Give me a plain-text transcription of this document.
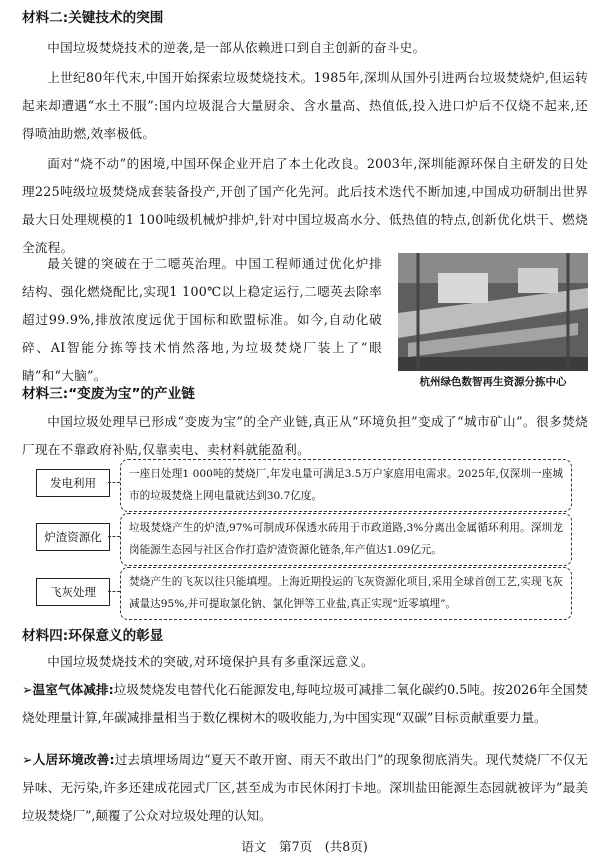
材料二:关键技术的突围
中国垃圾焚烧技术的逆袭,是一部从依赖进口到自主创新的奋斗史。
上世纪80年代末,中国开始探索垃圾焚烧技术。1985年,深圳从国外引进两台垃圾焚烧炉,但运转起来却遭遇“水土不服”:国内垃圾混合大量厨余、含水量高、热值低,投入进口炉后不仅烧不起来,还得喷油助燃,效率极低。
面对“烧不动”的困境,中国环保企业开启了本土化改良。2003年,深圳能源环保自主研发的日处理225吨级垃圾焚烧成套装备投产,开创了国产化先河。此后技术迭代不断加速,中国成功研制出世界最大日处理规模的1 100吨级机械炉排炉,针对中国垃圾高水分、低热值的特点,创新优化烘干、燃烧全流程。
最关键的突破在于二噁英治理。中国工程师通过优化炉排结构、强化燃烧配比,实现1 100℃以上稳定运行,二噁英去除率超过99.9%,排放浓度远优于国标和欧盟标准。如今,自动化破碎、AI智能分拣等技术悄然落地,为垃圾焚烧厂装上了“眼睛”和“大脑”。	杭州绿色数智再生资源分拣中心
材料三:“变废为宝”的产业链
中国垃圾处理早已形成“变废为宝”的全产业链,真正从“环境负担”变成了“城市矿山”。很多焚烧厂现在不靠政府补贴,仅靠卖电、卖材料就能盈利。
发电利用
一座日处理1 000吨的焚烧厂,年发电量可满足3.5万户家庭用电需求。2025年,仅深圳一座城市的垃圾焚烧上网电量就达到30.7亿度。
炉渣资源化
垃圾焚烧产生的炉渣,97%可制成环保透水砖用于市政道路,3%分离出金属循环利用。深圳龙岗能源生态园与社区合作打造炉渣资源化链条,年产值达1.09亿元。
飞灰处理
焚烧产生的飞灰以往只能填埋。上海近期投运的飞灰资源化项目,采用全球首创工艺,实现飞灰减量达95%,并可提取氯化钠、氯化钾等工业盐,真正实现“近零填埋”。
材料四:环保意义的彰显
中国垃圾焚烧技术的突破,对环境保护具有多重深远意义。
➢温室气体减排:垃圾焚烧发电替代化石能源发电,每吨垃圾可减排二氧化碳约0.5吨。按2026年全国焚烧处理量计算,年碳减排量相当于数亿棵树木的吸收能力,为中国实现“双碳”目标贡献重要力量。
➢人居环境改善:过去填埋场周边“夏天不敢开窗、雨天不敢出门”的现象彻底消失。现代焚烧厂不仅无异味、无污染,许多还建成花园式厂区,甚至成为市民休闲打卡地。深圳盐田能源生态园就被评为“最美垃圾焚烧厂”,颠覆了公众对垃圾处理的认知。
语文　第7页　(共8页)
